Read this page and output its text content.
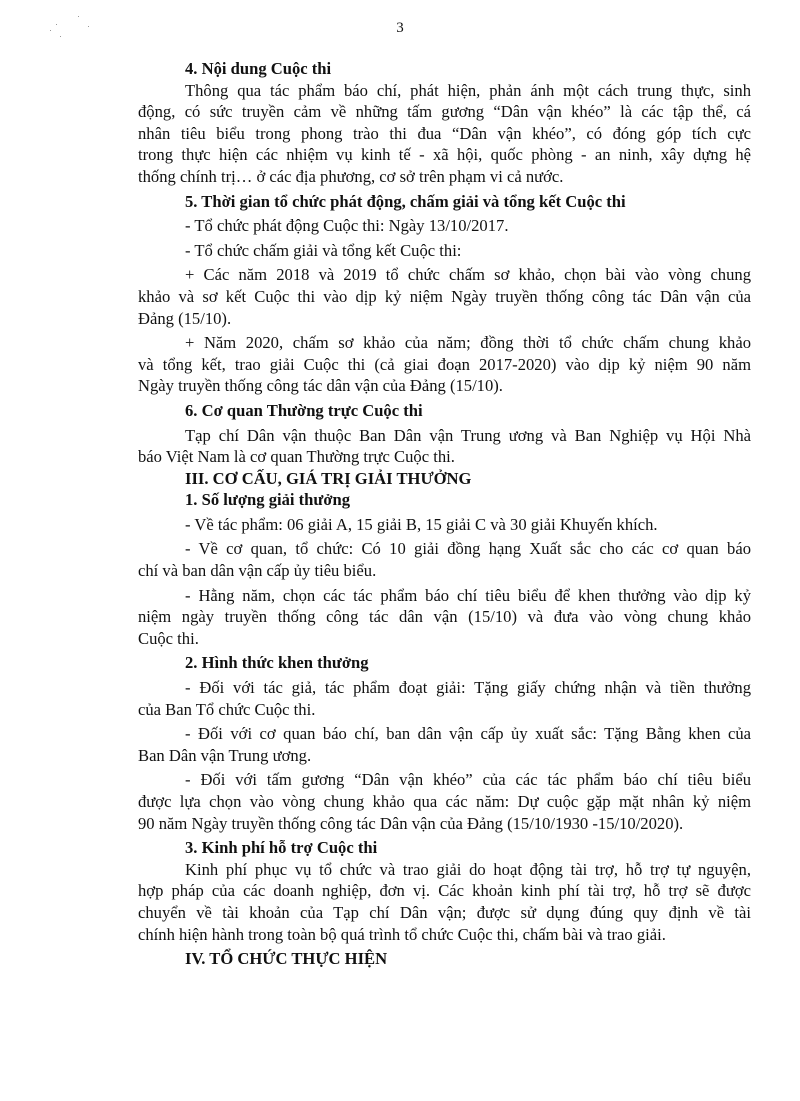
3
4. Nội dung Cuộc thi
Thông qua tác phẩm báo chí, phát hiện, phản ánh một cách trung thực, sinh
động, có sức truyền cảm về những tấm gương “Dân vận khéo” là các tập thể, cá
nhân tiêu biểu trong phong trào thi đua “Dân vận khéo”, có đóng góp tích cực
trong thực hiện các nhiệm vụ kinh tế - xã hội, quốc phòng - an ninh, xây dựng hệ
thống chính trị… ở các địa phương, cơ sở trên phạm vi cả nước.
5. Thời gian tổ chức phát động, chấm giải và tổng kết Cuộc thi
- Tổ chức phát động Cuộc thi: Ngày 13/10/2017.
- Tổ chức chấm giải và tổng kết Cuộc thi:
+ Các năm 2018 và 2019 tổ chức chấm sơ khảo, chọn bài vào vòng chung
khảo và sơ kết Cuộc thi vào dịp kỷ niệm Ngày truyền thống công tác Dân vận của
Đảng (15/10).
+ Năm 2020, chấm sơ khảo của năm; đồng thời tổ chức chấm chung khảo
và tổng kết, trao giải Cuộc thi (cả giai đoạn 2017-2020) vào dịp kỷ niệm 90 năm
Ngày truyền thống công tác dân vận của Đảng (15/10).
6. Cơ quan Thường trực Cuộc thi
Tạp chí Dân vận thuộc Ban Dân vận Trung ương và Ban Nghiệp vụ Hội Nhà
báo Việt Nam là cơ quan Thường trực Cuộc thi.
III. CƠ CẤU, GIÁ TRỊ GIẢI THƯỞNG
1. Số lượng giải thưởng
- Về tác phẩm: 06 giải A, 15 giải B, 15 giải C và 30 giải Khuyến khích.
- Về cơ quan, tổ chức: Có 10 giải đồng hạng Xuất sắc cho các cơ quan báo
chí và ban dân vận cấp ủy tiêu biểu.
- Hằng năm, chọn các tác phẩm báo chí tiêu biểu để khen thưởng vào dịp kỷ
niệm ngày truyền thống công tác dân vận (15/10) và đưa vào vòng chung khảo
Cuộc thi.
2. Hình thức khen thưởng
- Đối với tác giả, tác phẩm đoạt giải: Tặng giấy chứng nhận và tiền thưởng
của Ban Tổ chức Cuộc thi.
- Đối với cơ quan báo chí, ban dân vận cấp ủy xuất sắc: Tặng Bằng khen của
Ban Dân vận Trung ương.
- Đối với tấm gương “Dân vận khéo” của các tác phẩm báo chí tiêu biểu
được lựa chọn vào vòng chung khảo qua các năm: Dự cuộc gặp mặt nhân kỷ niệm
90 năm Ngày truyền thống công tác Dân vận của Đảng (15/10/1930 -15/10/2020).
3. Kinh phí hỗ trợ Cuộc thi
Kinh phí phục vụ tổ chức và trao giải do hoạt động tài trợ, hỗ trợ tự nguyện,
hợp pháp của các doanh nghiệp, đơn vị. Các khoản kinh phí tài trợ, hỗ trợ sẽ được
chuyển về tài khoản của Tạp chí Dân vận; được sử dụng đúng quy định về tài
chính hiện hành trong toàn bộ quá trình tổ chức Cuộc thi, chấm bài và trao giải.
IV. TỔ CHỨC THỰC HIỆN
